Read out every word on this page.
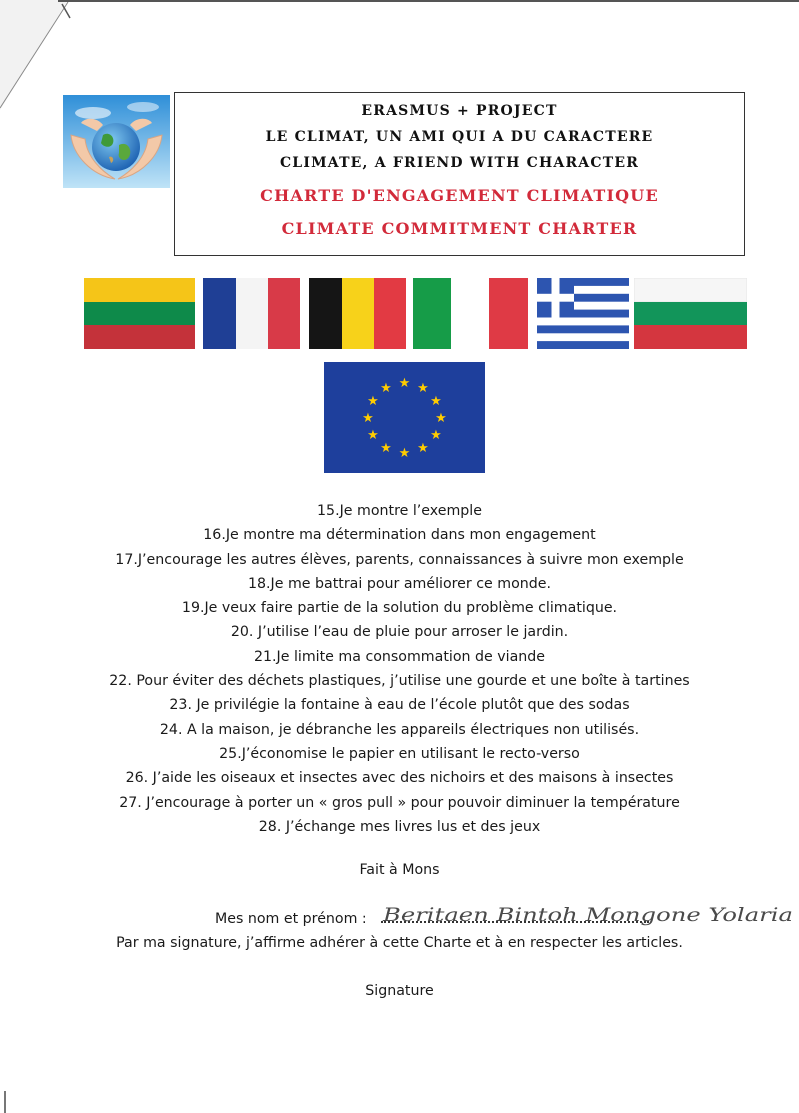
ERASMUS + PROJECT
LE CLIMAT, UN AMI QUI A DU CARACTERE
CLIMATE, A FRIEND WITH CHARACTER
CHARTE D'ENGAGEMENT CLIMATIQUE
CLIMATE COMMITMENT CHARTER
★ ★
★
★
★
★
★
★
★
★
★
★
15.Je montre l’exemple
16.Je montre ma détermination dans mon engagement
17.J’encourage les autres élèves, parents, connaissances à suivre mon exemple
18.Je me battrai pour améliorer ce monde.
19.Je veux faire partie de la solution du problème climatique.
20. J’utilise l’eau de pluie pour arroser le jardin.
21.Je limite ma consommation de viande
22. Pour éviter des déchets plastiques, j’utilise une gourde et une boîte à tartines
23. Je privilégie la fontaine à eau de l’école plutôt que des sodas
24. A la maison, je débranche les appareils électriques non utilisés.
25.J’économise le papier en utilisant le recto-verso
26. J’aide les oiseaux et insectes avec des nichoirs et des maisons à insectes
27. J’encourage à porter un « gros pull » pour pouvoir diminuer la température
28. J’échange mes livres lus et des jeux
Fait à Mons
Mes nom et prénom : Beritaen Bintoh Mongone Yolaria
Par ma signature, j’affirme adhérer à cette Charte et à en respecter les articles.
Signature
